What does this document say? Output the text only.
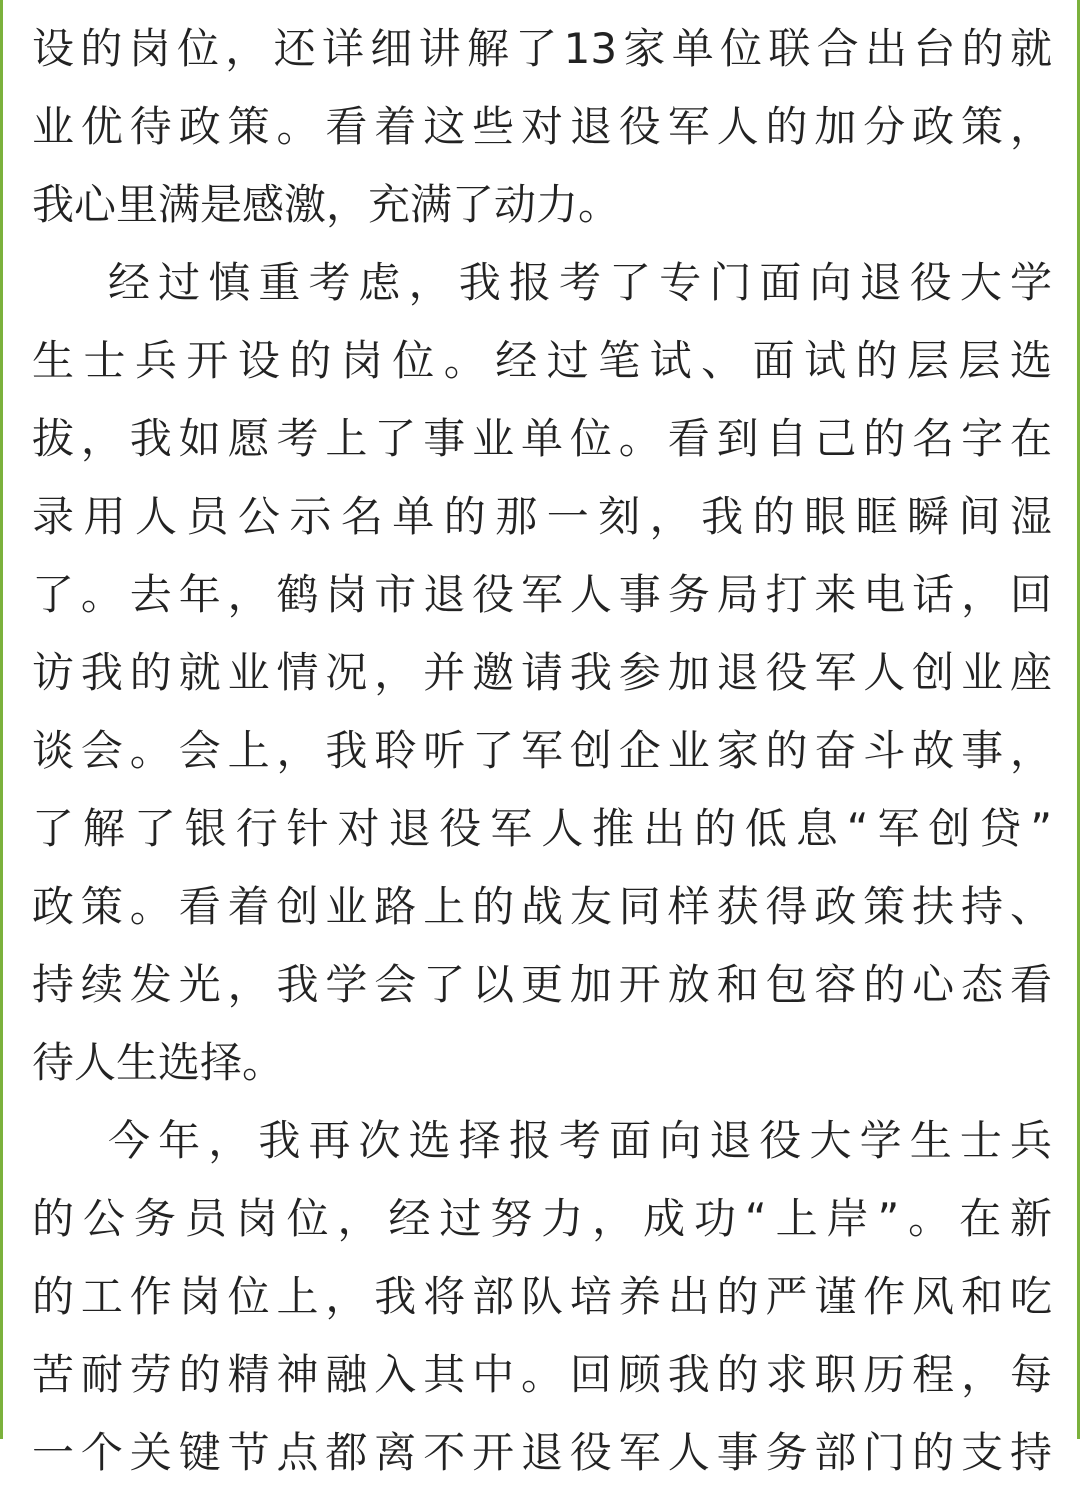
设的岗位，还详细讲解了13家单位联合出台的就
业优待政策。看着这些对退役军人的加分政策，
我心里满是感激，充满了动力。
经过慎重考虑，我报考了专门面向退役大学
生士兵开设的岗位。经过笔试、面试的层层选
拔，我如愿考上了事业单位。看到自己的名字在
录用人员公示名单的那一刻，我的眼眶瞬间湿
了。去年，鹤岗市退役军人事务局打来电话，回
访我的就业情况，并邀请我参加退役军人创业座
谈会。会上，我聆听了军创企业家的奋斗故事，
了解了银行针对退役军人推出的低息“军创贷”
政策。看着创业路上的战友同样获得政策扶持、
持续发光，我学会了以更加开放和包容的心态看
待人生选择。
今年，我再次选择报考面向退役大学生士兵
的公务员岗位，经过努力，成功“上岸”。在新
的工作岗位上，我将部队培养出的严谨作风和吃
苦耐劳的精神融入其中。回顾我的求职历程，每
一个关键节点都离不开退役军人事务部门的支持
